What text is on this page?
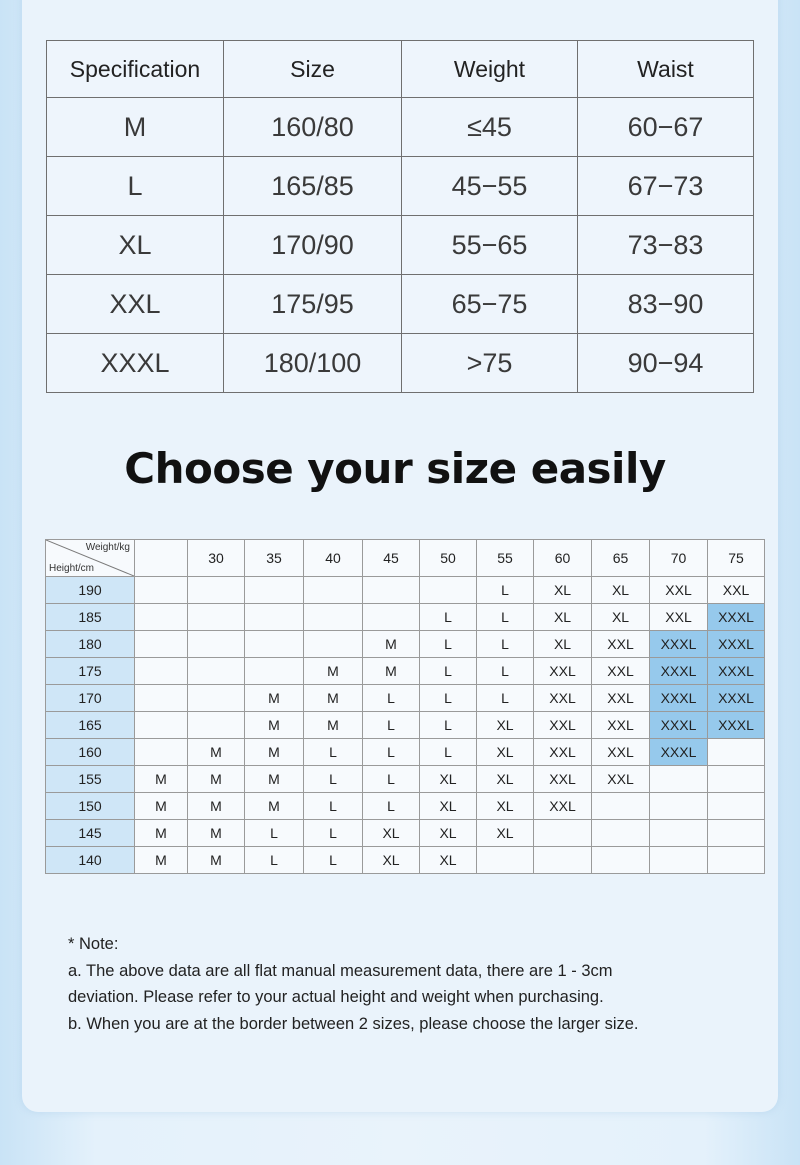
Specification	Size	Weight	Waist
M	160/80	≤45	60−67
L	165/85	45−55	67−73
XL	170/90	55−65	73−83
XXL	175/95	65−75	83−90
XXXL	180/100	>75	90−94
Choose your size easily
Weight/kg
Height/cm		30	35	40	45	50	55	60	65	70	75
190							L	XL	XL	XXL	XXL
185						L	L	XL	XL	XXL	XXXL
180					M	L	L	XL	XXL	XXXL	XXXL
175				M	M	L	L	XXL	XXL	XXXL	XXXL
170			M	M	L	L	L	XXL	XXL	XXXL	XXXL
165			M	M	L	L	XL	XXL	XXL	XXXL	XXXL
160		M	M	L	L	L	XL	XXL	XXL	XXXL	
155	M	M	M	L	L	XL	XL	XXL	XXL		
150	M	M	M	L	L	XL	XL	XXL			
145	M	M	L	L	XL	XL	XL				
140	M	M	L	L	XL	XL					
* Note:
a. The above data are all flat manual measurement data, there are 1 - 3cm
deviation. Please refer to your actual height and weight when purchasing.
b. When you are at the border between 2 sizes, please choose the larger size.
